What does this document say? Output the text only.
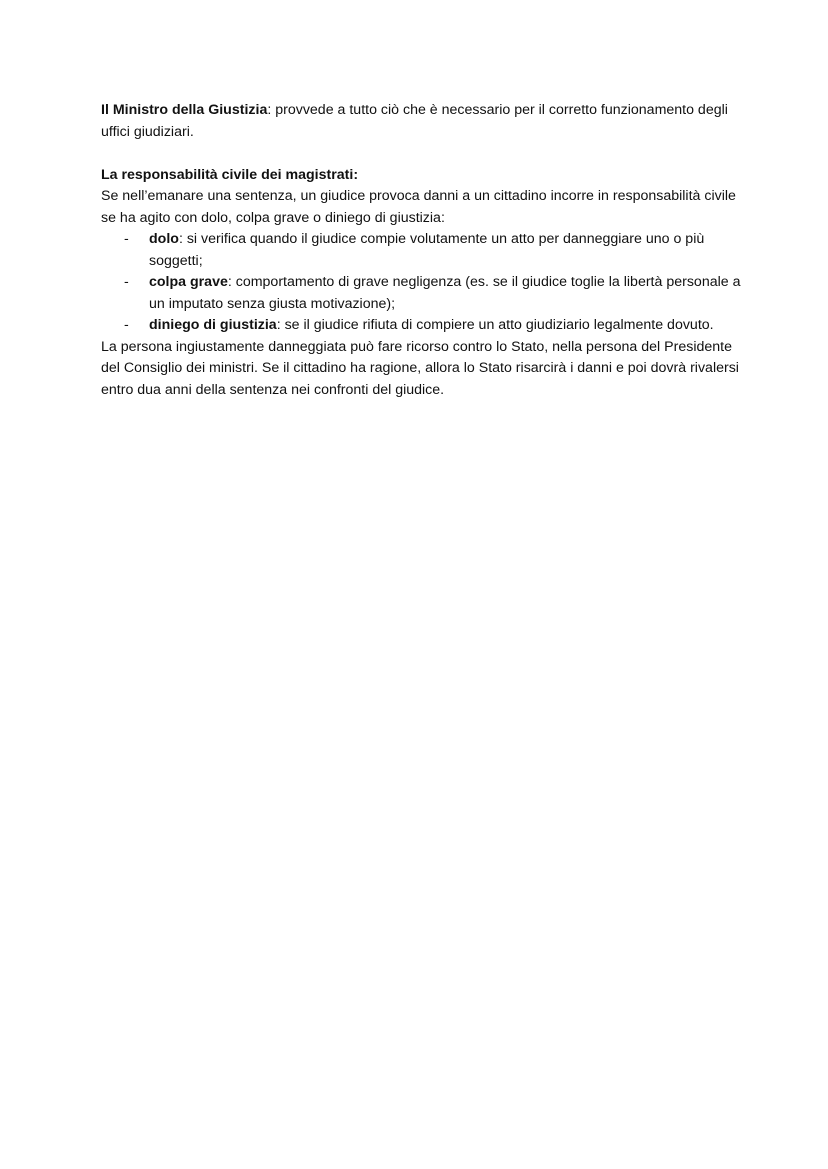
Il Ministro della Giustizia: provvede a tutto ciò che è necessario per il corretto funzionamento degli uffici giudiziari.

La responsabilità civile dei magistrati:

Se nell’emanare una sentenza, un giudice provoca danni a un cittadino incorre in responsabilità civile se ha agito con dolo, colpa grave o diniego di giustizia:

- dolo: si verifica quando il giudice compie volutamente un atto per danneggiare uno o più soggetti;
- colpa grave: comportamento di grave negligenza (es. se il giudice toglie la libertà personale a un imputato senza giusta motivazione);
- diniego di giustizia: se il giudice rifiuta di compiere un atto giudiziario legalmente dovuto.

La persona ingiustamente danneggiata può fare ricorso contro lo Stato, nella persona del Presidente del Consiglio dei ministri. Se il cittadino ha ragione, allora lo Stato risarcirà i danni e poi dovrà rivalersi entro dua anni della sentenza nei confronti del giudice.
